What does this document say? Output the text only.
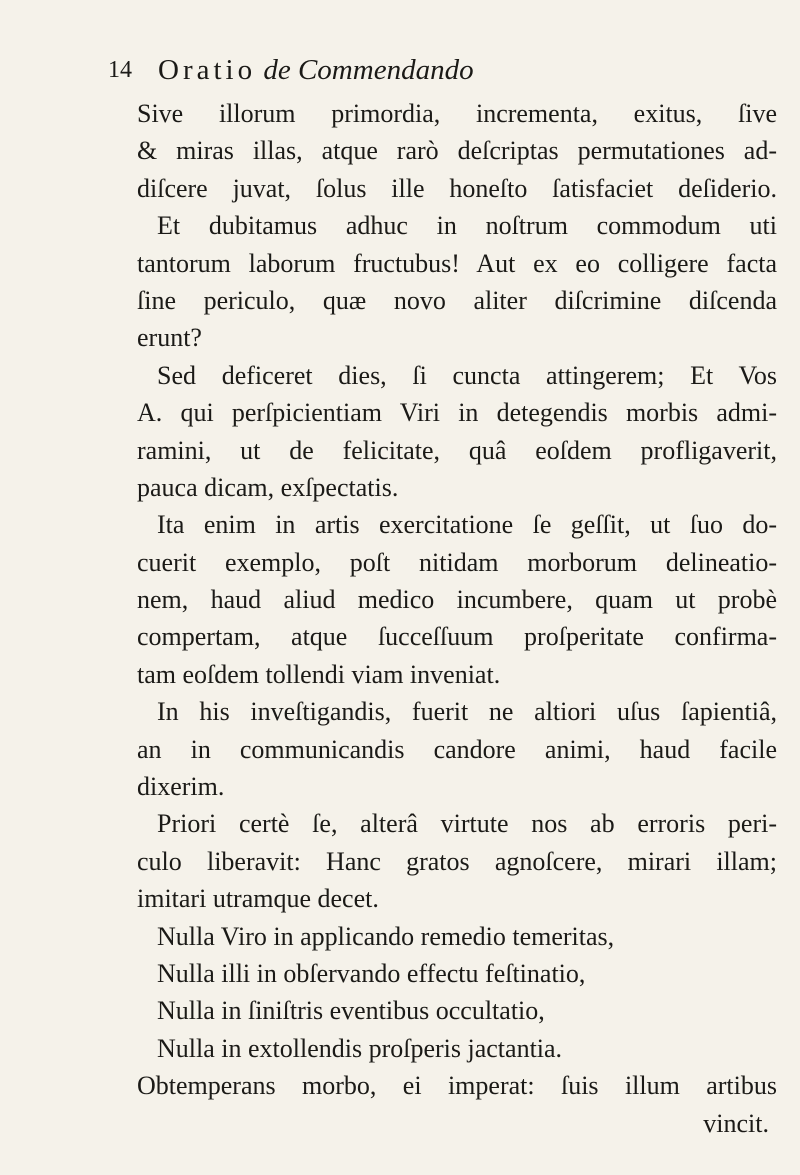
14 Oratio de Commendando
Sive illorum primordia, incrementa, exitus, ſive
& miras illas, atque rarò deſcriptas permutationes ad-
diſcere juvat, ſolus ille honeſto ſatisfaciet deſiderio.
Et dubitamus adhuc in noſtrum commodum uti
tantorum laborum fructubus! Aut ex eo colligere facta
ſine periculo, quæ novo aliter diſcrimine diſcenda
erunt?
Sed deficeret dies, ſi cuncta attingerem; Et Vos
A. qui perſpicientiam Viri in detegendis morbis admi-
ramini, ut de felicitate, quâ eoſdem profligaverit,
pauca dicam, exſpectatis.
Ita enim in artis exercitatione ſe geſſit, ut ſuo do-
cuerit exemplo, poſt nitidam morborum delineatio-
nem, haud aliud medico incumbere, quam ut probè
compertam, atque ſucceſſuum proſperitate confirma-
tam eoſdem tollendi viam inveniat.
In his inveſtigandis, fuerit ne altiori uſus ſapientiâ,
an in communicandis candore animi, haud facile
dixerim.
Priori certè ſe, alterâ virtute nos ab erroris peri-
culo liberavit: Hanc gratos agnoſcere, mirari illam;
imitari utramque decet.
Nulla Viro in applicando remedio temeritas,
Nulla illi in obſervando effectu feſtinatio,
Nulla in ſiniſtris eventibus occultatio,
Nulla in extollendis proſperis jactantia.
Obtemperans morbo, ei imperat: ſuis illum artibus
vincit.
